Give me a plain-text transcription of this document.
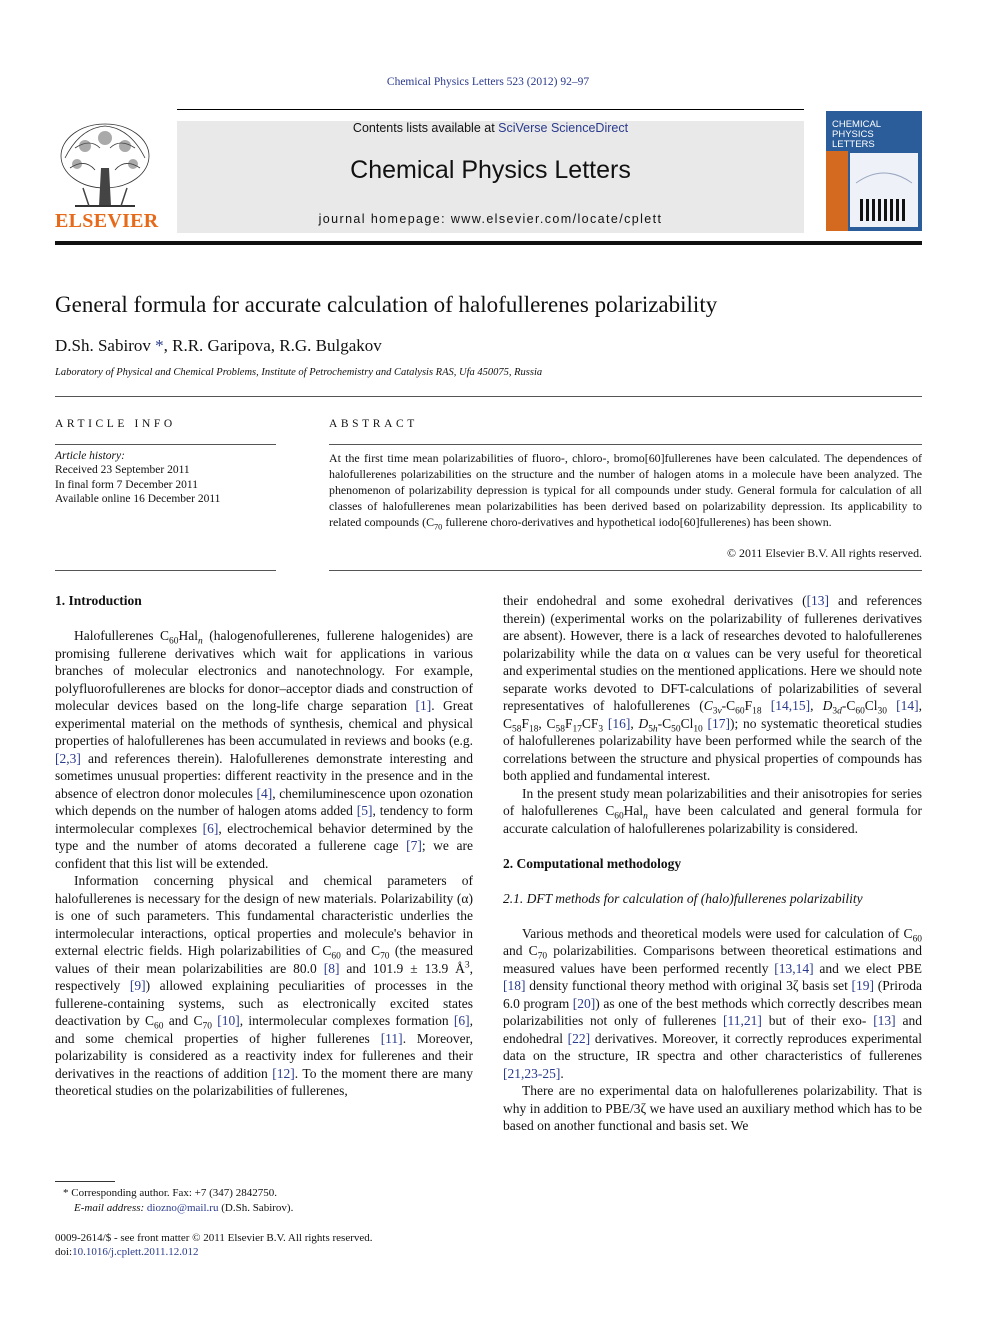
Chemical Physics Letters 523 (2012) 92–97
ELSEVIER
Contents lists available at SciVerse ScienceDirect
Chemical Physics Letters
journal homepage: www.elsevier.com/locate/cplett
CHEMICAL
PHYSICS
LETTERS
General formula for accurate calculation of halofullerenes polarizability
D.Sh. Sabirov *, R.R. Garipova, R.G. Bulgakov
Laboratory of Physical and Chemical Problems, Institute of Petrochemistry and Catalysis RAS, Ufa 450075, Russia
ARTICLE INFO	ABSTRACT
Article history:
Received 23 September 2011
In final form 7 December 2011
Available online 16 December 2011
At the first time mean polarizabilities of fluoro-, chloro-, bromo[60]fullerenes have been calculated. The dependences of halofullerenes polarizabilities on the structure and the number of halogen atoms in a molecule have been analyzed. The phenomenon of polarizability depression is typical for all compounds under study. General formula for calculation of all classes of halofullerenes mean polarizabilities has been derived based on polarizability depression. Its applicability to related compounds ($C_{70}$ fullerene choro-derivatives and hypothetical iodo[60]fullerenes) has been shown.
© 2011 Elsevier B.V. All rights reserved.
1. Introduction

Halofullerenes $C_{60}Hal_n$ (halogenofullerenes, fullerene halogenides) are promising fullerene derivatives which wait for applications in various branches of molecular electronics and nanotechnology. For example, polyfluorofullerenes are blocks for donor–acceptor diads and construction of molecular devices based on the long-life charge separation [1]. Great experimental material on the methods of synthesis, chemical and physical properties of halofullerenes has been accumulated in reviews and books (e.g. [2,3] and references therein). Halofullerenes demonstrate interesting and sometimes unusual properties: different reactivity in the presence and in the absence of electron donor molecules [4], chemiluminescence upon ozonation which depends on the number of halogen atoms added [5], tendency to form intermolecular complexes [6], electrochemical behavior determined by the type and the number of atoms decorated a fullerene cage [7]; we are confident that this list will be extended.

Information concerning physical and chemical parameters of halofullerenes is necessary for the design of new materials. Polarizability (α) is one of such parameters. This fundamental characteristic underlies the intermolecular interactions, optical properties and molecule's behavior in external electric fields. High polarizabilities of $C_{60}$ and $C_{70}$ (the measured values of their mean polarizabilities are 80.0 [8] and 101.9 ± 13.9 $Å^3$, respectively [9]) allowed explaining peculiarities of processes in the fullerene-containing systems, such as electronically excited states deactivation by $C_{60}$ and $C_{70}$ [10], intermolecular complexes formation [6], and some chemical properties of higher fullerenes [11]. Moreover, polarizability is considered as a reactivity index for fullerenes and their derivatives in the reactions of addition [12]. To the moment there are many theoretical studies on the polarizabilities of fullerenes,

their endohedral and some exohedral derivatives ([13] and references therein) (experimental works on the polarizability of fullerenes derivatives are absent). However, there is a lack of researches devoted to halofullerenes polarizability while the data on α values can be very useful for theoretical and experimental studies on the mentioned applications. Here we should note separate works devoted to DFT-calculations of polarizabilities of several representatives of halofullerenes ($C_{3v}-C_{60}F_{18}$ [14,15], $D_{3d}-C_{60}Cl_{30}$ [14], $C_{58}F_{18}$, $C_{58}F_{17}CF_3$ [16], $D_{5h}-C_{50}Cl_{10}$ [17]); no systematic theoretical studies of halofullerenes polarizability have been performed while the search of the correlations between the structure and physical properties of compounds has both applied and fundamental interest.

In the present study mean polarizabilities and their anisotropies for series of halofullerenes $C_{60}Hal_n$ have been calculated and general formula for accurate calculation of halofullerenes polarizability is considered.

2. Computational methodology
2.1. DFT methods for calculation of (halo)fullerenes polarizability

Various methods and theoretical models were used for calculation of $C_{60}$ and $C_{70}$ polarizabilities. Comparisons between theoretical estimations and measured values have been performed recently [13,14] and we elect PBE [18] density functional theory method with original 3ζ basis set [19] (Priroda 6.0 program [20]) as one of the best methods which correctly describes mean polarizabilities not only of fullerenes [11,21] but of their exo- [13] and endohedral [22] derivatives. Moreover, it correctly reproduces experimental data on the structure, IR spectra and other characteristics of fullerenes [21,23-25].

There are no experimental data on halofullerenes polarizability. That is why in addition to PBE/3ζ we have used an auxiliary method which has to be based on another functional and basis set. We

* Corresponding author. Fax: +7 (347) 2842750.
E-mail address: diozno@mail.ru (D.Sh. Sabirov).
0009-2614/$ - see front matter © 2011 Elsevier B.V. All rights reserved.
doi:10.1016/j.cplett.2011.12.012
